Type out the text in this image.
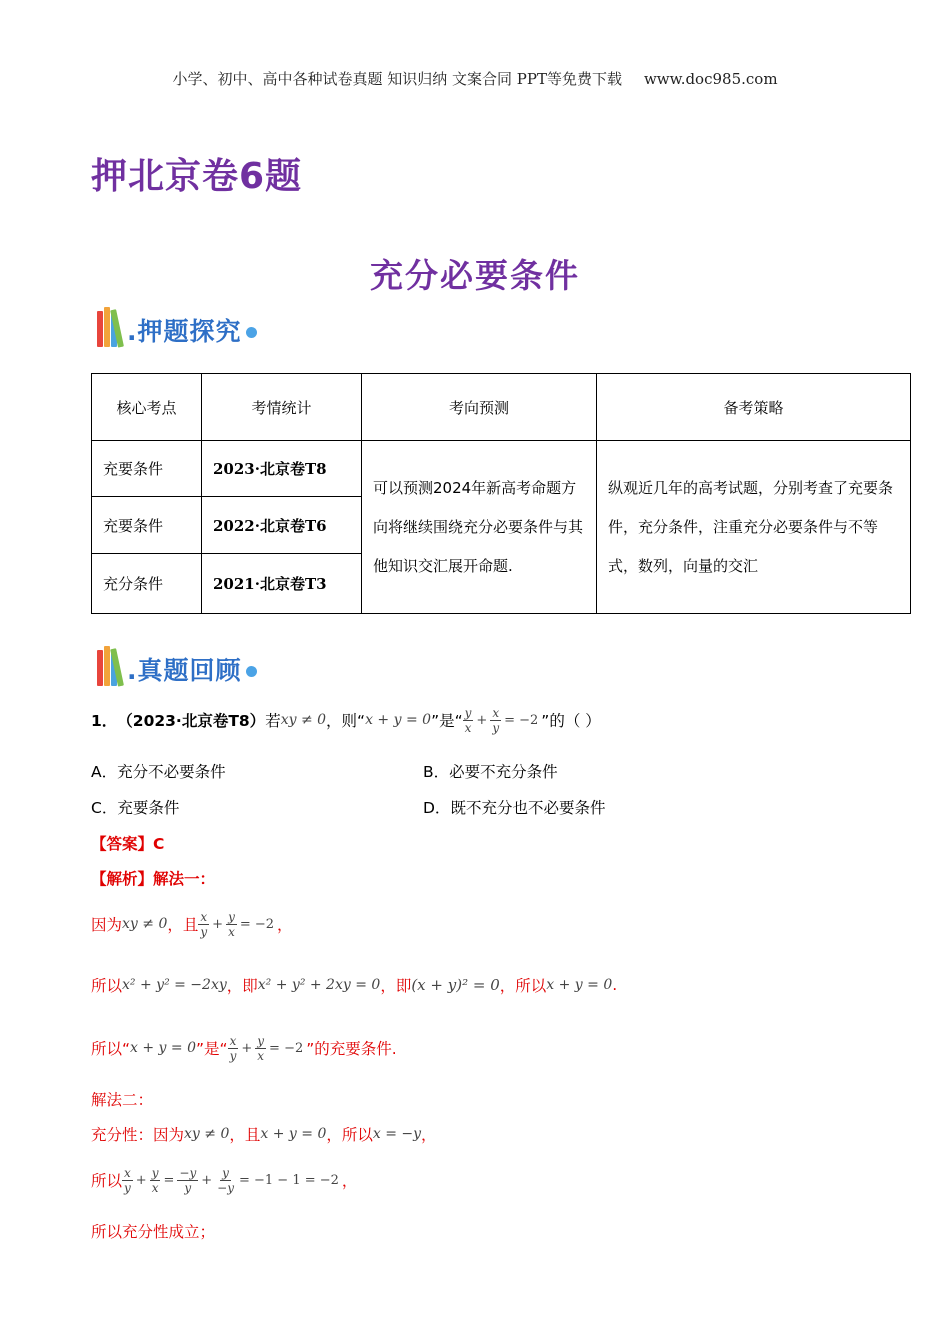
小学、初中、高中各种试卷真题 知识归纳 文案合同 PPT等免费下载 www.doc985.com
押北京卷6题
充分必要条件
.押题探究
核心考点	考情统计	考向预测	备考策略
充要条件	2023·北京卷T8	可以预测2024年新高考命题方向将继续围绕充分必要条件与其他知识交汇展开命题.	纵观近几年的高考试题，分别考查了充要条件，充分条件，注重充分必要条件与不等式，数列，向量的交汇
充要条件	2022·北京卷T6		
充分条件	2021·北京卷T3		
.真题回顾
1． （2023·北京卷T8） 若 xy ≠ 0 ，则“ x + y = 0 ”是“ $\frac{y}{x} + \frac{x}{y} = -2$ ”的（ ）
A．充分不必要条件	B．必要不充分条件
C．充要条件	D．既不充分也不必要条件
【答案】C
【解析】解法一：
因为 xy ≠ 0 ，且 $\frac{x}{y} + \frac{y}{x} = -2$ ，
所以 x² + y² = −2xy ，即 x² + y² + 2xy = 0 ，即 (x + y)² = 0 ，所以 x + y = 0 .
所以“ x + y = 0 ”是“ $\frac{x}{y} + \frac{y}{x} = -2$ ”的充要条件.
解法二：
充分性：因为 xy ≠ 0 ，且 x + y = 0 ，所以 x = −y ，
所以 $\frac{x}{y} + \frac{y}{x} = \frac{-y}{y} + \frac{y}{-y} = -1 - 1 = -2$ ，
所以充分性成立；
